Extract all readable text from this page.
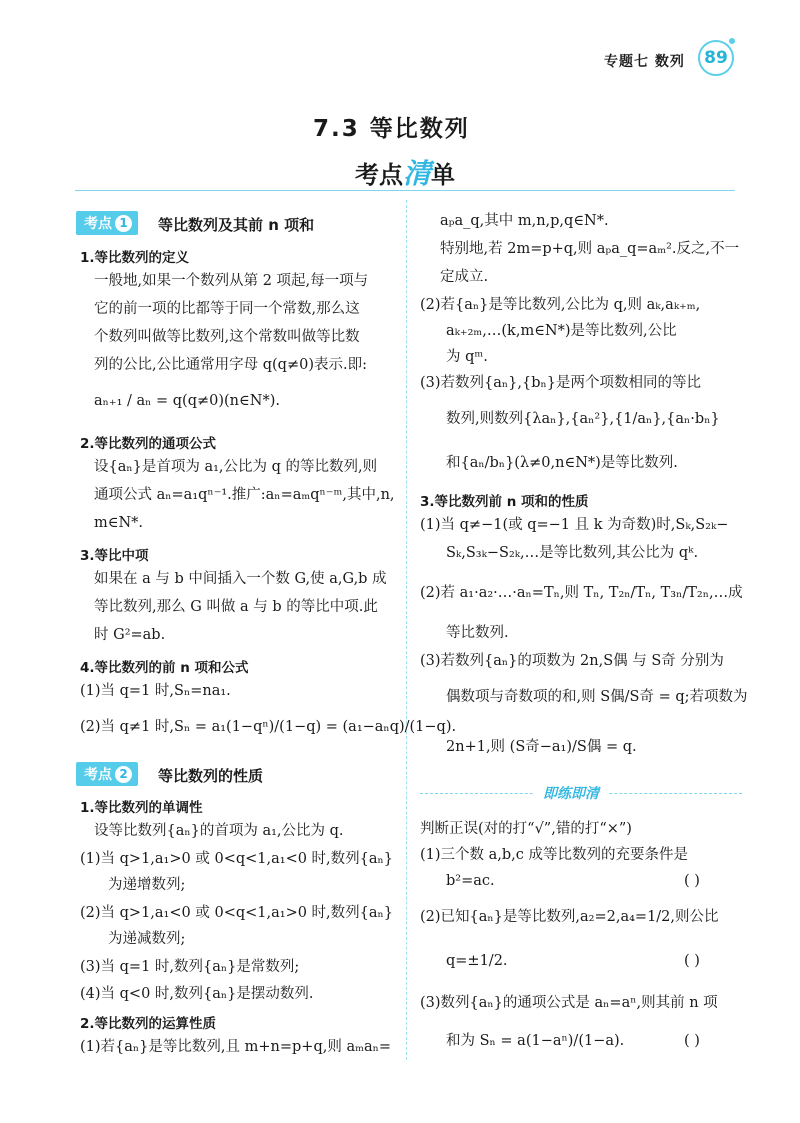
专题七 数列	89
7.3 等比数列
考点清单
考点 1 等比数列及其前 n 项和
1.等比数列的定义
一般地,如果一个数列从第 2 项起,每一项与
它的前一项的比都等于同一个常数,那么这
个数列叫做等比数列,这个常数叫做等比数
列的公比,公比通常用字母 q(q≠0)表示.即:
aₙ₊₁ / aₙ = q(q≠0)(n∈N*).
2.等比数列的通项公式
设{aₙ}是首项为 a₁,公比为 q 的等比数列,则
通项公式 aₙ=a₁qⁿ⁻¹.推广:aₙ=aₘqⁿ⁻ᵐ,其中,n,
m∈N*.
3.等比中项
如果在 a 与 b 中间插入一个数 G,使 a,G,b 成
等比数列,那么 G 叫做 a 与 b 的等比中项.此
时 G²=ab.
4.等比数列的前 n 项和公式
(1)当 q=1 时,Sₙ=na₁.
(2)当 q≠1 时,Sₙ = a₁(1−qⁿ)/(1−q) = (a₁−aₙq)/(1−q).
考点 2 等比数列的性质
1.等比数列的单调性
设等比数列{aₙ}的首项为 a₁,公比为 q.
(1)当 q>1,a₁>0 或 0<q<1,a₁<0 时,数列{aₙ}
为递增数列;
(2)当 q>1,a₁<0 或 0<q<1,a₁>0 时,数列{aₙ}
为递减数列;
(3)当 q=1 时,数列{aₙ}是常数列;
(4)当 q<0 时,数列{aₙ}是摆动数列.
2.等比数列的运算性质
(1)若{aₙ}是等比数列,且 m+n=p+q,则 aₘaₙ=
aₚa_q,其中 m,n,p,q∈N*.
特别地,若 2m=p+q,则 aₚa_q=aₘ².反之,不一
定成立.
(2)若{aₙ}是等比数列,公比为 q,则 aₖ,aₖ₊ₘ,
aₖ₊₂ₘ,…(k,m∈N*)是等比数列,公比
为 qᵐ.
(3)若数列{aₙ},{bₙ}是两个项数相同的等比
数列,则数列{λaₙ},{aₙ²},{1/aₙ},{aₙ·bₙ}
和{aₙ/bₙ}(λ≠0,n∈N*)是等比数列.
3.等比数列前 n 项和的性质
(1)当 q≠−1(或 q=−1 且 k 为奇数)时,Sₖ,S₂ₖ−
Sₖ,S₃ₖ−S₂ₖ,…是等比数列,其公比为 qᵏ.
(2)若 a₁·a₂·…·aₙ=Tₙ,则 Tₙ, T₂ₙ/Tₙ, T₃ₙ/T₂ₙ,…成
等比数列.
(3)若数列{aₙ}的项数为 2n,S偶 与 S奇 分别为
偶数项与奇数项的和,则 S偶/S奇 = q;若项数为
2n+1,则 (S奇−a₁)/S偶 = q.
即练即清
判断正误(对的打“√”,错的打“×”)
(1)三个数 a,b,c 成等比数列的充要条件是
b²=ac.	( )
(2)已知{aₙ}是等比数列,a₂=2,a₄=1/2,则公比
q=±1/2.	( )
(3)数列{aₙ}的通项公式是 aₙ=aⁿ,则其前 n 项
和为 Sₙ = a(1−aⁿ)/(1−a).	( )
